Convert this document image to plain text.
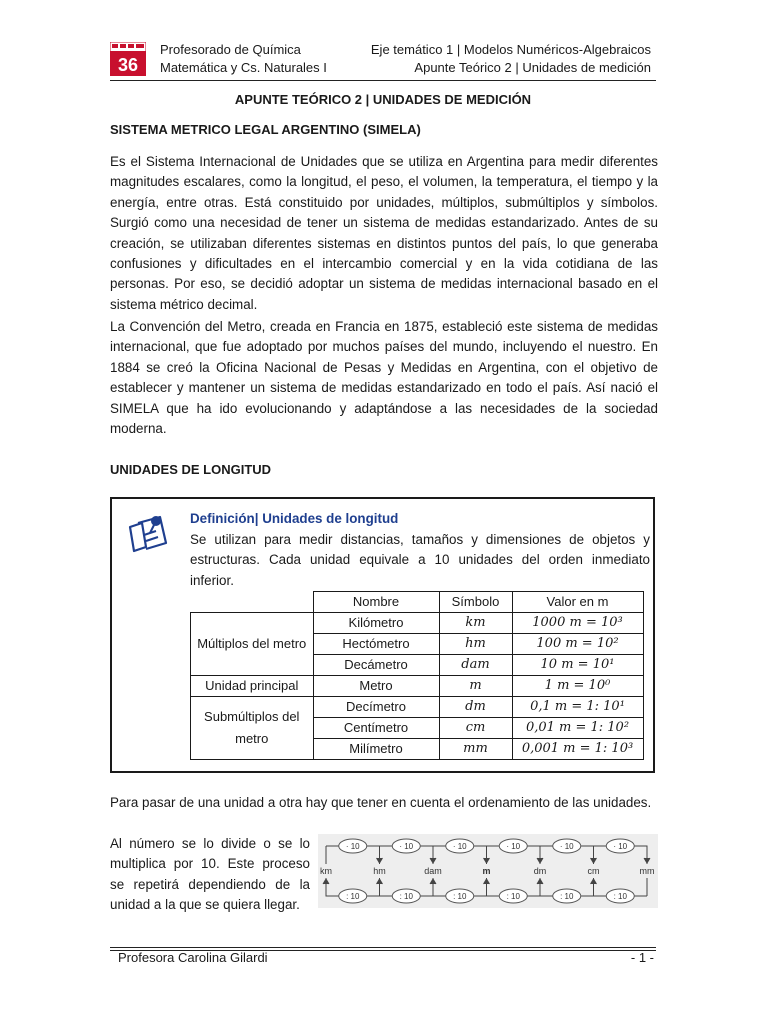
36
Profesorado de Química
Matemática y Cs. Naturales I
Eje temático 1 | Modelos Numéricos-Algebraicos
Apunte Teórico 2 | Unidades de medición
APUNTE TEÓRICO 2 | UNIDADES DE MEDICIÓN
SISTEMA METRICO LEGAL ARGENTINO (SIMELA)

Es el Sistema Internacional de Unidades que se utiliza en Argentina para medir diferentes magnitudes escalares, como la longitud, el peso, el volumen, la temperatura, el tiempo y la energía, entre otras. Está constituido por unidades, múltiplos, submúltiplos y símbolos. Surgió como una necesidad de tener un sistema de medidas estandarizado. Antes de su creación, se utilizaban diferentes sistemas en distintos puntos del país, lo que generaba confusiones y dificultades en el intercambio comercial y en la vida cotidiana de las personas. Por eso, se decidió adoptar un sistema de medidas internacional basado en el sistema métrico decimal.

La Convención del Metro, creada en Francia en 1875, estableció este sistema de medidas internacional, que fue adoptado por muchos países del mundo, incluyendo el nuestro. En 1884 se creó la Oficina Nacional de Pesas y Medidas en Argentina, con el objetivo de establecer y mantener un sistema de medidas estandarizado en todo el país. Así nació el SIMELA que ha ido evolucionando y adaptándose a las necesidades de la sociedad moderna.

UNIDADES DE LONGITUD
Definición| Unidades de longitud

Se utilizan para medir distancias, tamaños y dimensiones de objetos y estructuras. Cada unidad equivale a 10 unidades del orden inmediato inferior.

	Nombre	Símbolo	Valor en m
Múltiplos del metro	Kilómetro	km	1000 m = 10³
	Hectómetro	hm	100 m = 10²
	Decámetro	dam	10 m = 10¹
Unidad principal	Metro	m	1 m = 10⁰
Submúltiplos del metro	Decímetro	dm	0,1 m = 1: 10¹
	Centímetro	cm	0,01 m = 1: 10²
	Milímetro	mm	0,001 m = 1: 10³

Para pasar de una unidad a otra hay que tener en cuenta el ordenamiento de las unidades.

Al número se lo divide o se lo multiplica por 10. Este proceso se repetirá dependiendo de la unidad a la que se quiera llegar.

km	hm	dam	m	dm	cm	mm
· 10
: 10
· 10
: 10
· 10
: 10
· 10
: 10
· 10
: 10
· 10
: 10
Profesora Carolina Gilardi	- 1 -
